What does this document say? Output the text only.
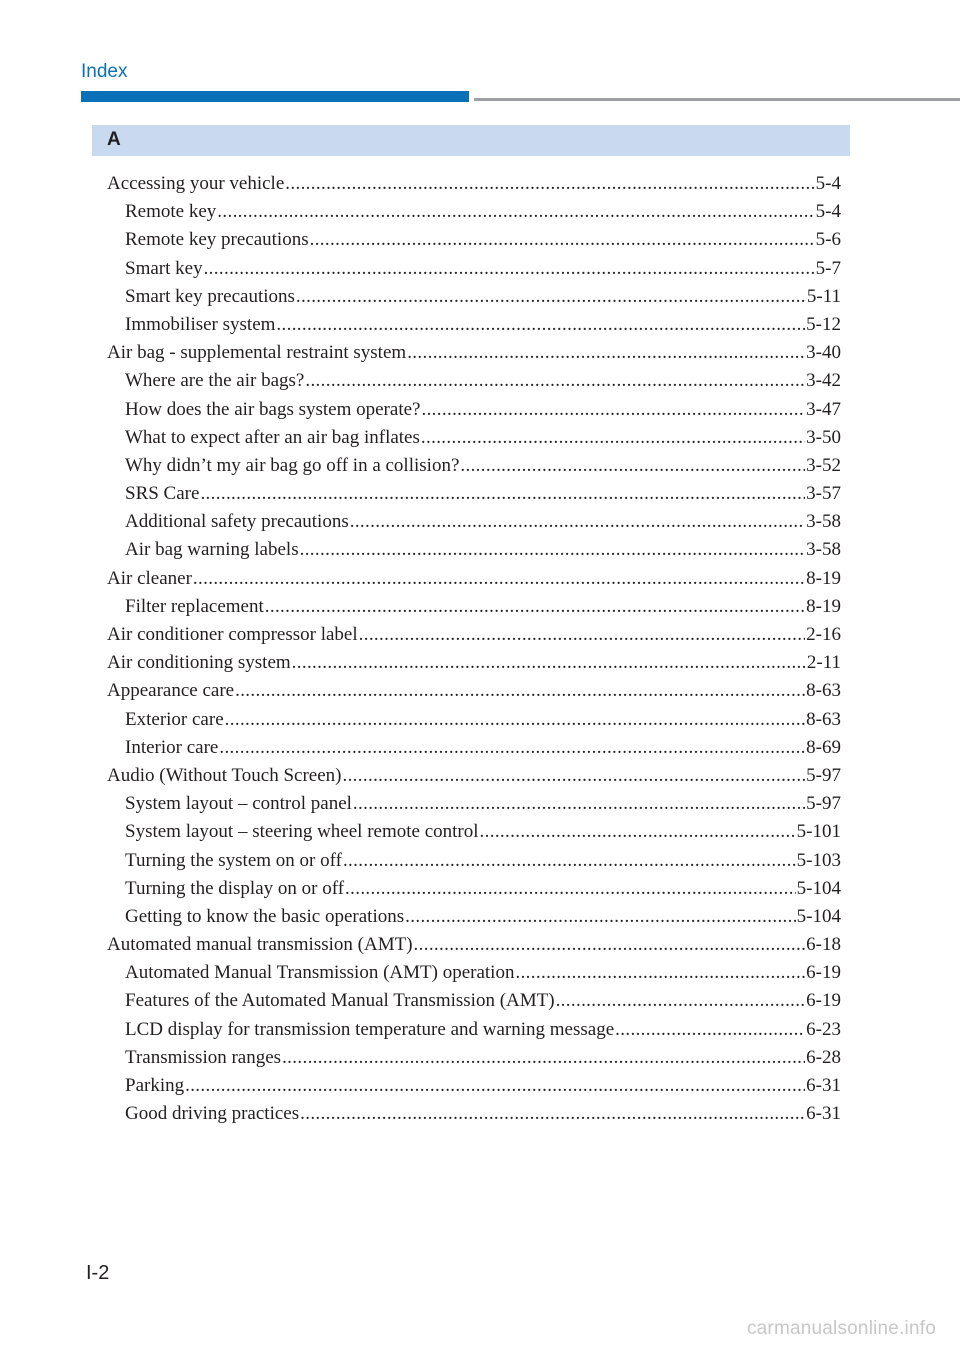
Index
A
Accessing your vehicle . . .	5-4
Remote key . . .	5-4
Remote key precautions . . .	5-6
Smart key . . .	5-7
Smart key precautions . . .	5-11
Immobiliser system . . .	5-12
Air bag - supplemental restraint system . . .	3-40
Where are the air bags? . . .	3-42
How does the air bags system operate? . . .	3-47
What to expect after an air bag inflates . . .	3-50
Why didn’t my air bag go off in a collision? . . .	3-52
SRS Care . . .	3-57
Additional safety precautions . . .	3-58
Air bag warning labels . . .	3-58
Air cleaner . . .	8-19
Filter replacement . . .	8-19
Air conditioner compressor label . . .	2-16
Air conditioning system . . .	2-11
Appearance care . . .	8-63
Exterior care . . .	8-63
Interior care . . .	8-69
Audio (Without Touch Screen) . . .	5-97
System layout – control panel . . .	5-97
System layout – steering wheel remote control . . .	5-101
Turning the system on or off . . .	5-103
Turning the display on or off . . .	5-104
Getting to know the basic operations . . .	5-104
Automated manual transmission (AMT) . . .	6-18
Automated Manual Transmission (AMT) operation . . .	6-19
Features of the Automated Manual Transmission (AMT) . . .	6-19
LCD display for transmission temperature and warning message . . .	6-23
Transmission ranges . . .	6-28
Parking . . .	6-31
Good driving practices . . .	6-31
I-2
carmanualsonline.info
